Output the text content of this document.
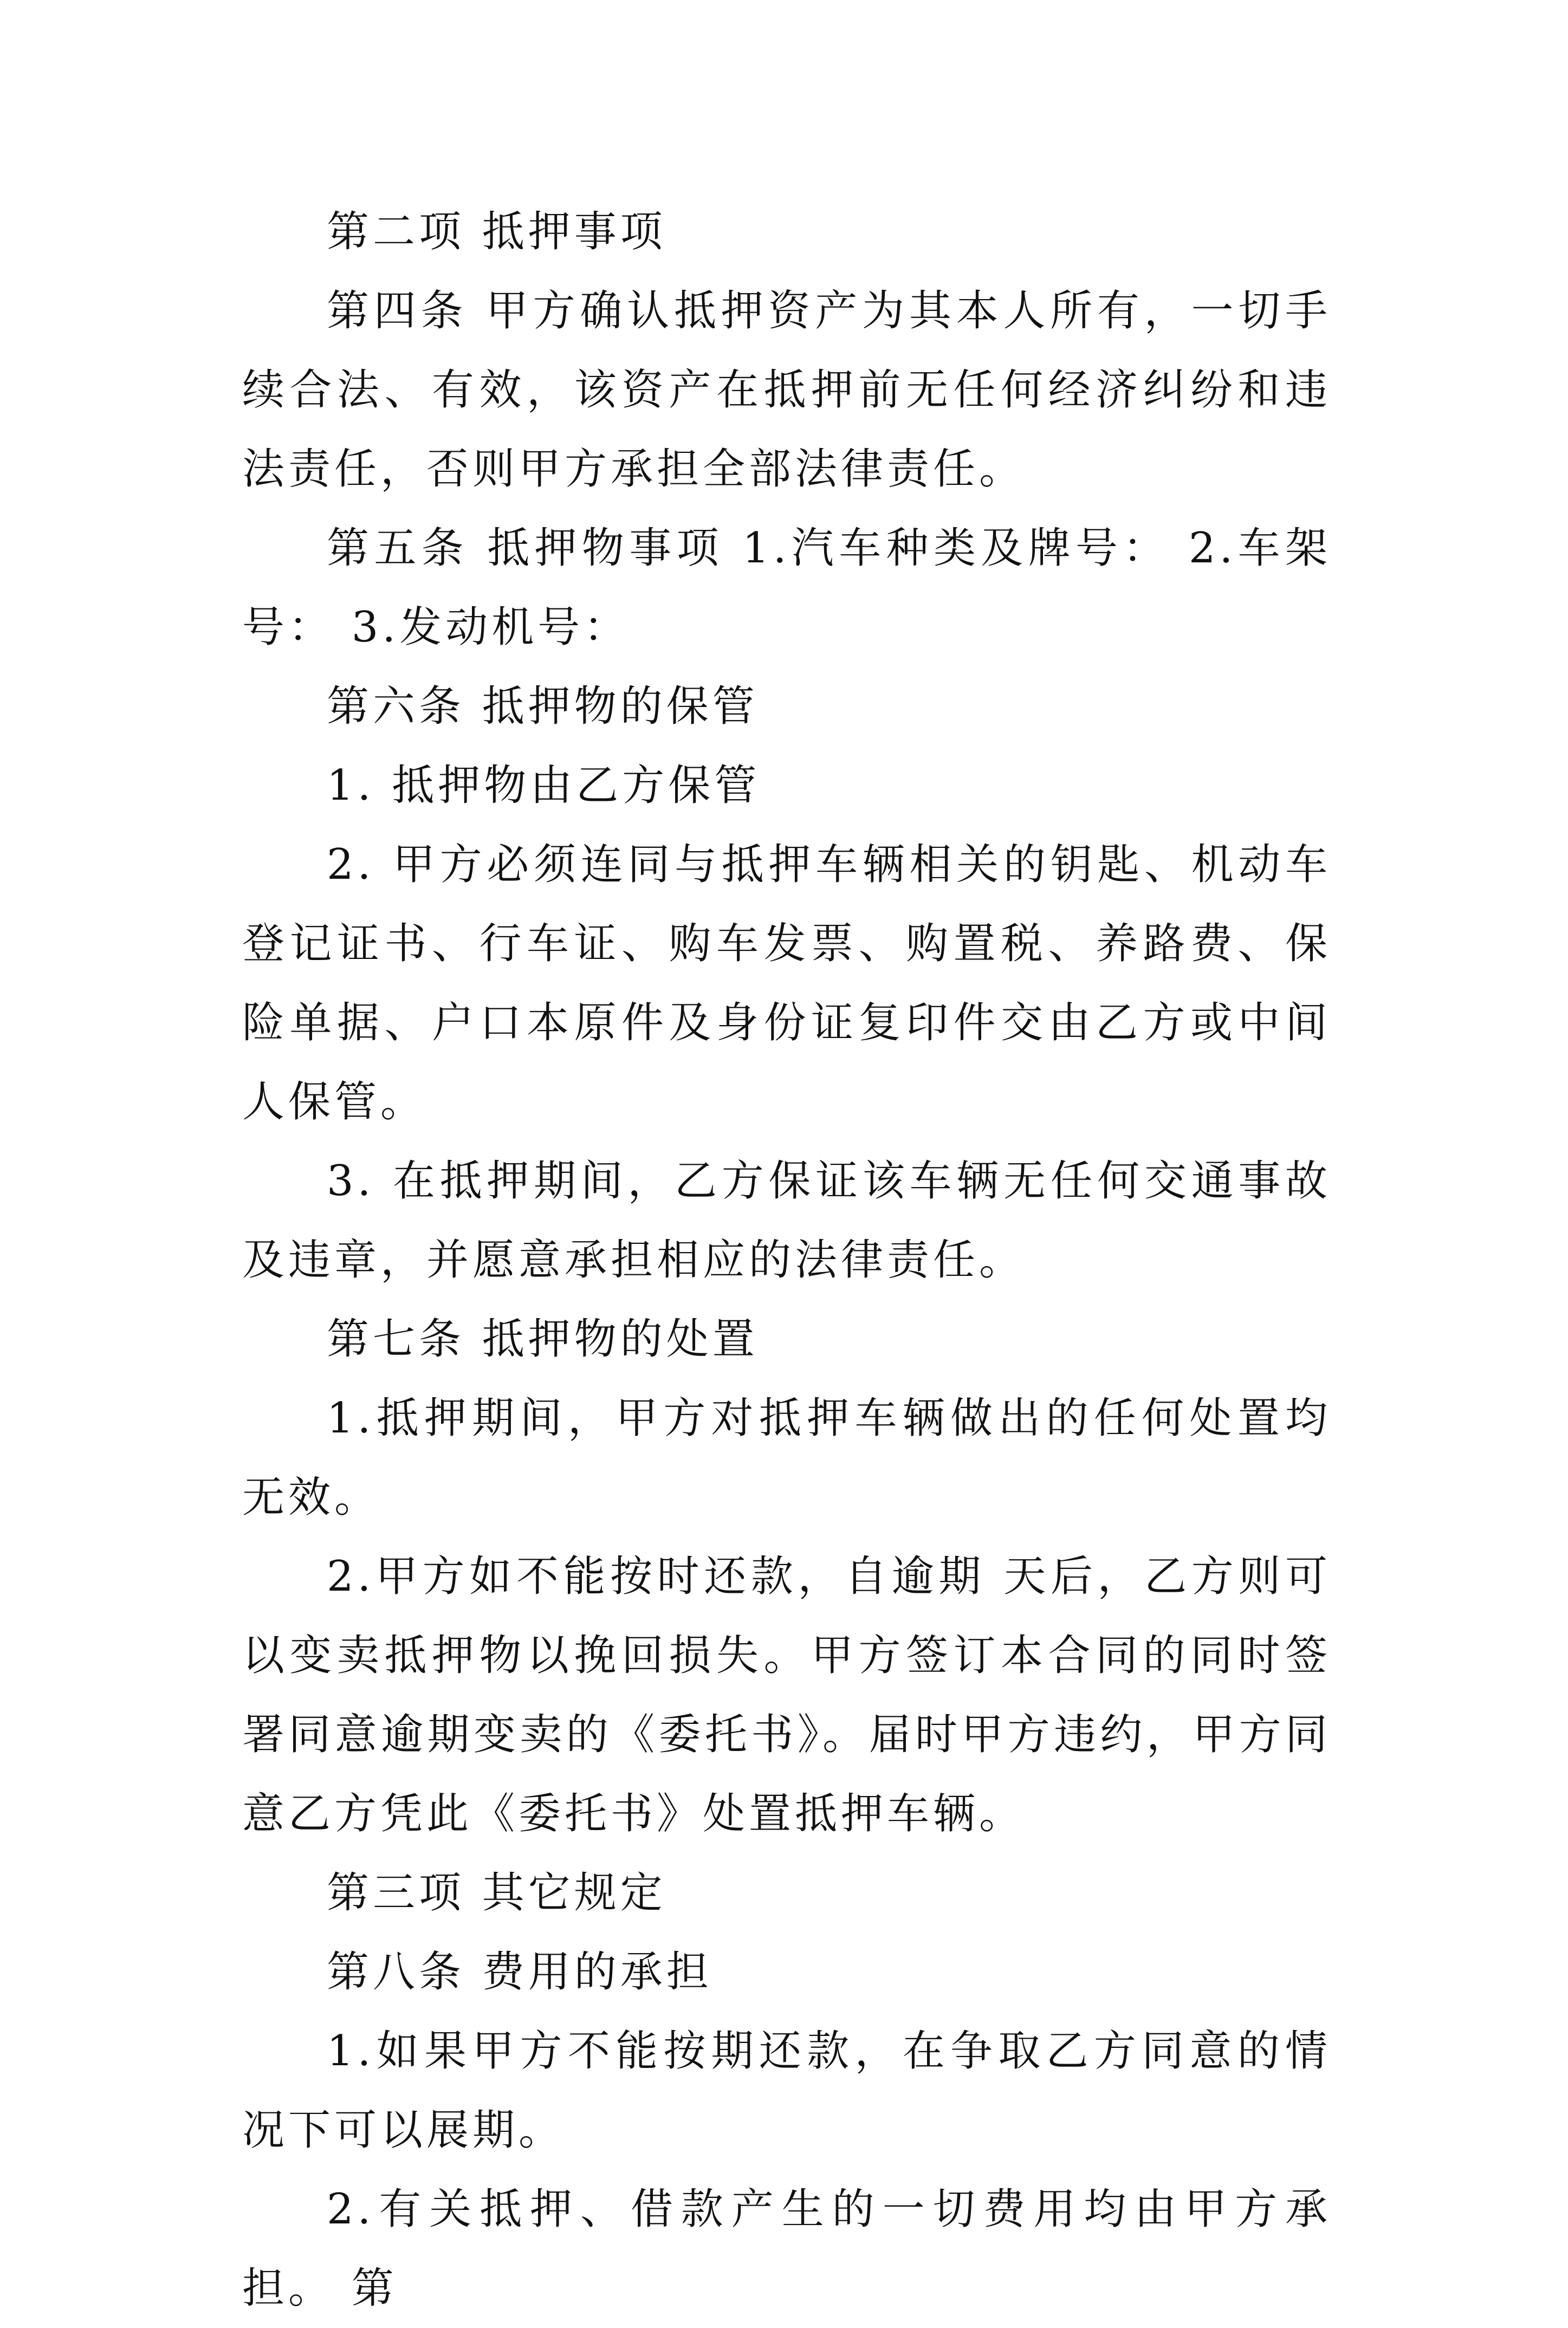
第二项 抵押事项

第四条 甲方确认抵押资产为其本人所有，一切手续合法、有效，该资产在抵押前无任何经济纠纷和违法责任，否则甲方承担全部法律责任。

第五条 抵押物事项 1.汽车种类及牌号： 2.车架号： 3.发动机号：

第六条 抵押物的保管

1. 抵押物由乙方保管

2. 甲方必须连同与抵押车辆相关的钥匙、机动车登记证书、行车证、购车发票、购置税、养路费、保险单据、户口本原件及身份证复印件交由乙方或中间人保管。

3. 在抵押期间，乙方保证该车辆无任何交通事故及违章，并愿意承担相应的法律责任。

第七条 抵押物的处置

1.抵押期间，甲方对抵押车辆做出的任何处置均无效。

2.甲方如不能按时还款，自逾期 天后，乙方则可以变卖抵押物以挽回损失。甲方签订本合同的同时签署同意逾期变卖的《委托书》。届时甲方违约，甲方同意乙方凭此《委托书》处置抵押车辆。

第三项 其它规定

第八条 费用的承担

1.如果甲方不能按期还款，在争取乙方同意的情况下可以展期。

2.有关抵押、借款产生的一切费用均由甲方承担。 第
